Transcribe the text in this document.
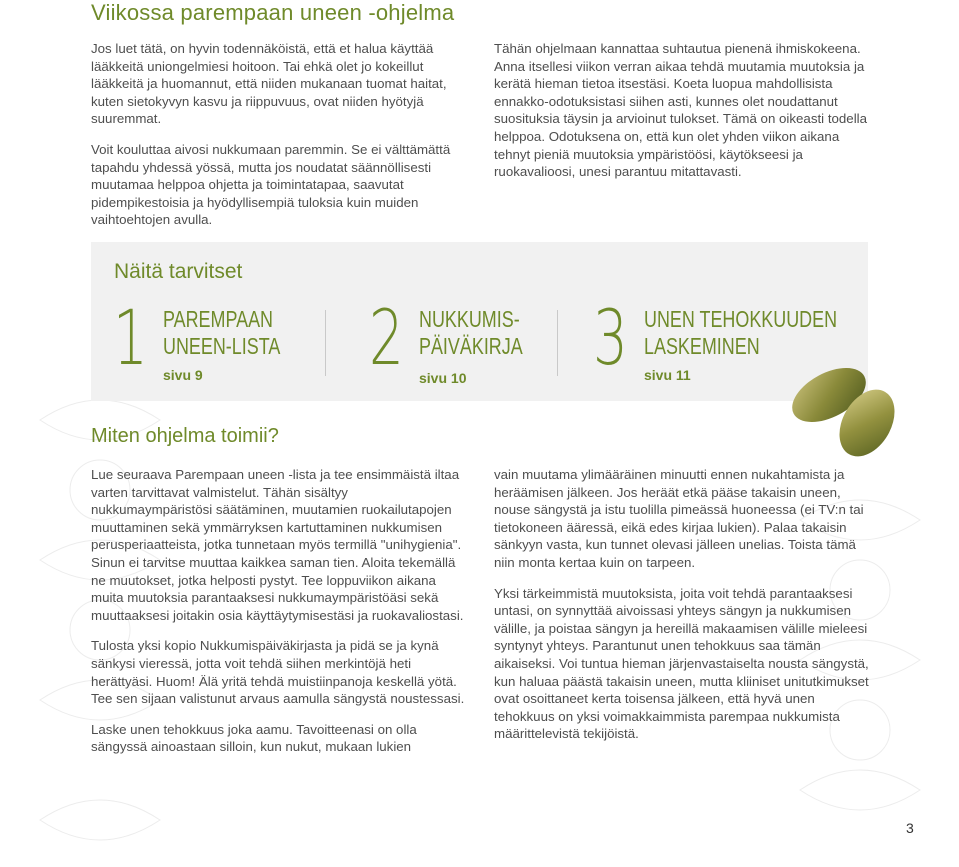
Viikossa parempaan uneen -ohjelma

Jos luet tätä, on hyvin todennäköistä, että et halua käyttää lääkkeitä uniongelmiesi hoitoon. Tai ehkä olet jo kokeillut lääkkeitä ja huomannut, että niiden mukanaan tuomat haitat, kuten sietokyvyn kasvu ja riippuvuus, ovat niiden hyötyjä suuremmat.

Voit kouluttaa aivosi nukkumaan paremmin. Se ei välttämättä tapahdu yhdessä yössä, mutta jos noudatat säännöllisesti muutamaa helppoa ohjetta ja toimintatapaa, saavutat pidempikestoisia ja hyödyllisempiä tuloksia kuin muiden vaihtoehtojen avulla.

Tähän ohjelmaan kannattaa suhtautua pienenä ihmiskokeena. Anna itsellesi viikon verran aikaa tehdä muutamia muutoksia ja kerätä hieman tietoa itsestäsi. Koeta luopua mahdollisista ennakko-odotuksistasi siihen asti, kunnes olet noudattanut suosituksia täysin ja arvioinut tulokset. Tämä on oikeasti todella helppoa. Odotuksena on, että kun olet yhden viikon aikana tehnyt pieniä muutoksia ympäristöösi, käytökseesi ja ruokavalioosi, unesi parantuu mitattavasti.

Näitä tarvitset
1 PAREMPAAN
UNEEN-LISTA
sivu 9 2 NUKKUMIS-
PÄIVÄKIRJA
sivu 10 3 UNEN TEHOKKUUDEN
LASKEMINEN
sivu 11
Miten ohjelma toimii?

Lue seuraava Parempaan uneen -lista ja tee ensimmäistä iltaa varten tarvittavat valmistelut. Tähän sisältyy nukkumaympäristösi säätäminen, muutamien ruokailutapojen muuttaminen sekä ymmärryksen kartuttaminen nukkumisen perusperiaatteista, jotka tunnetaan myös termillä "unihygienia". Sinun ei tarvitse muuttaa kaikkea saman tien. Aloita tekemällä ne muutokset, jotka helposti pystyt. Tee loppuviikon aikana muita muutoksia parantaaksesi nukkumaympäristöäsi sekä muuttaaksesi joitakin osia käyttäytymisestäsi ja ruokavaliostasi.

Tulosta yksi kopio Nukkumispäiväkirjasta ja pidä se ja kynä sänkysi vieressä, jotta voit tehdä siihen merkintöjä heti herättyäsi. Huom! Älä yritä tehdä muistiinpanoja keskellä yötä. Tee sen sijaan valistunut arvaus aamulla sängystä noustessasi.

Laske unen tehokkuus joka aamu. Tavoitteenasi on olla sängyssä ainoastaan silloin, kun nukut, mukaan lukien

vain muutama ylimääräinen minuutti ennen nukahtamista ja heräämisen jälkeen. Jos heräät etkä pääse takaisin uneen, nouse sängystä ja istu tuolilla pimeässä huoneessa (ei TV:n tai tietokoneen ääressä, eikä edes kirjaa lukien). Palaa takaisin sänkyyn vasta, kun tunnet olevasi jälleen unelias. Toista tämä niin monta kertaa kuin on tarpeen.

Yksi tärkeimmistä muutoksista, joita voit tehdä parantaaksesi untasi, on synnyttää aivoissasi yhteys sängyn ja nukkumisen välille, ja poistaa sängyn ja hereillä makaamisen välille mieleesi syntynyt yhteys. Parantunut unen tehokkuus saa tämän aikaiseksi. Voi tuntua hieman järjenvastaiselta nousta sängystä, kun haluaa päästä takaisin uneen, mutta kliiniset unitutkimukset ovat osoittaneet kerta toisensa jälkeen, että hyvä unen tehokkuus on yksi voimakkaimmista parempaa nukkumista määrittelevistä tekijöistä.

3
